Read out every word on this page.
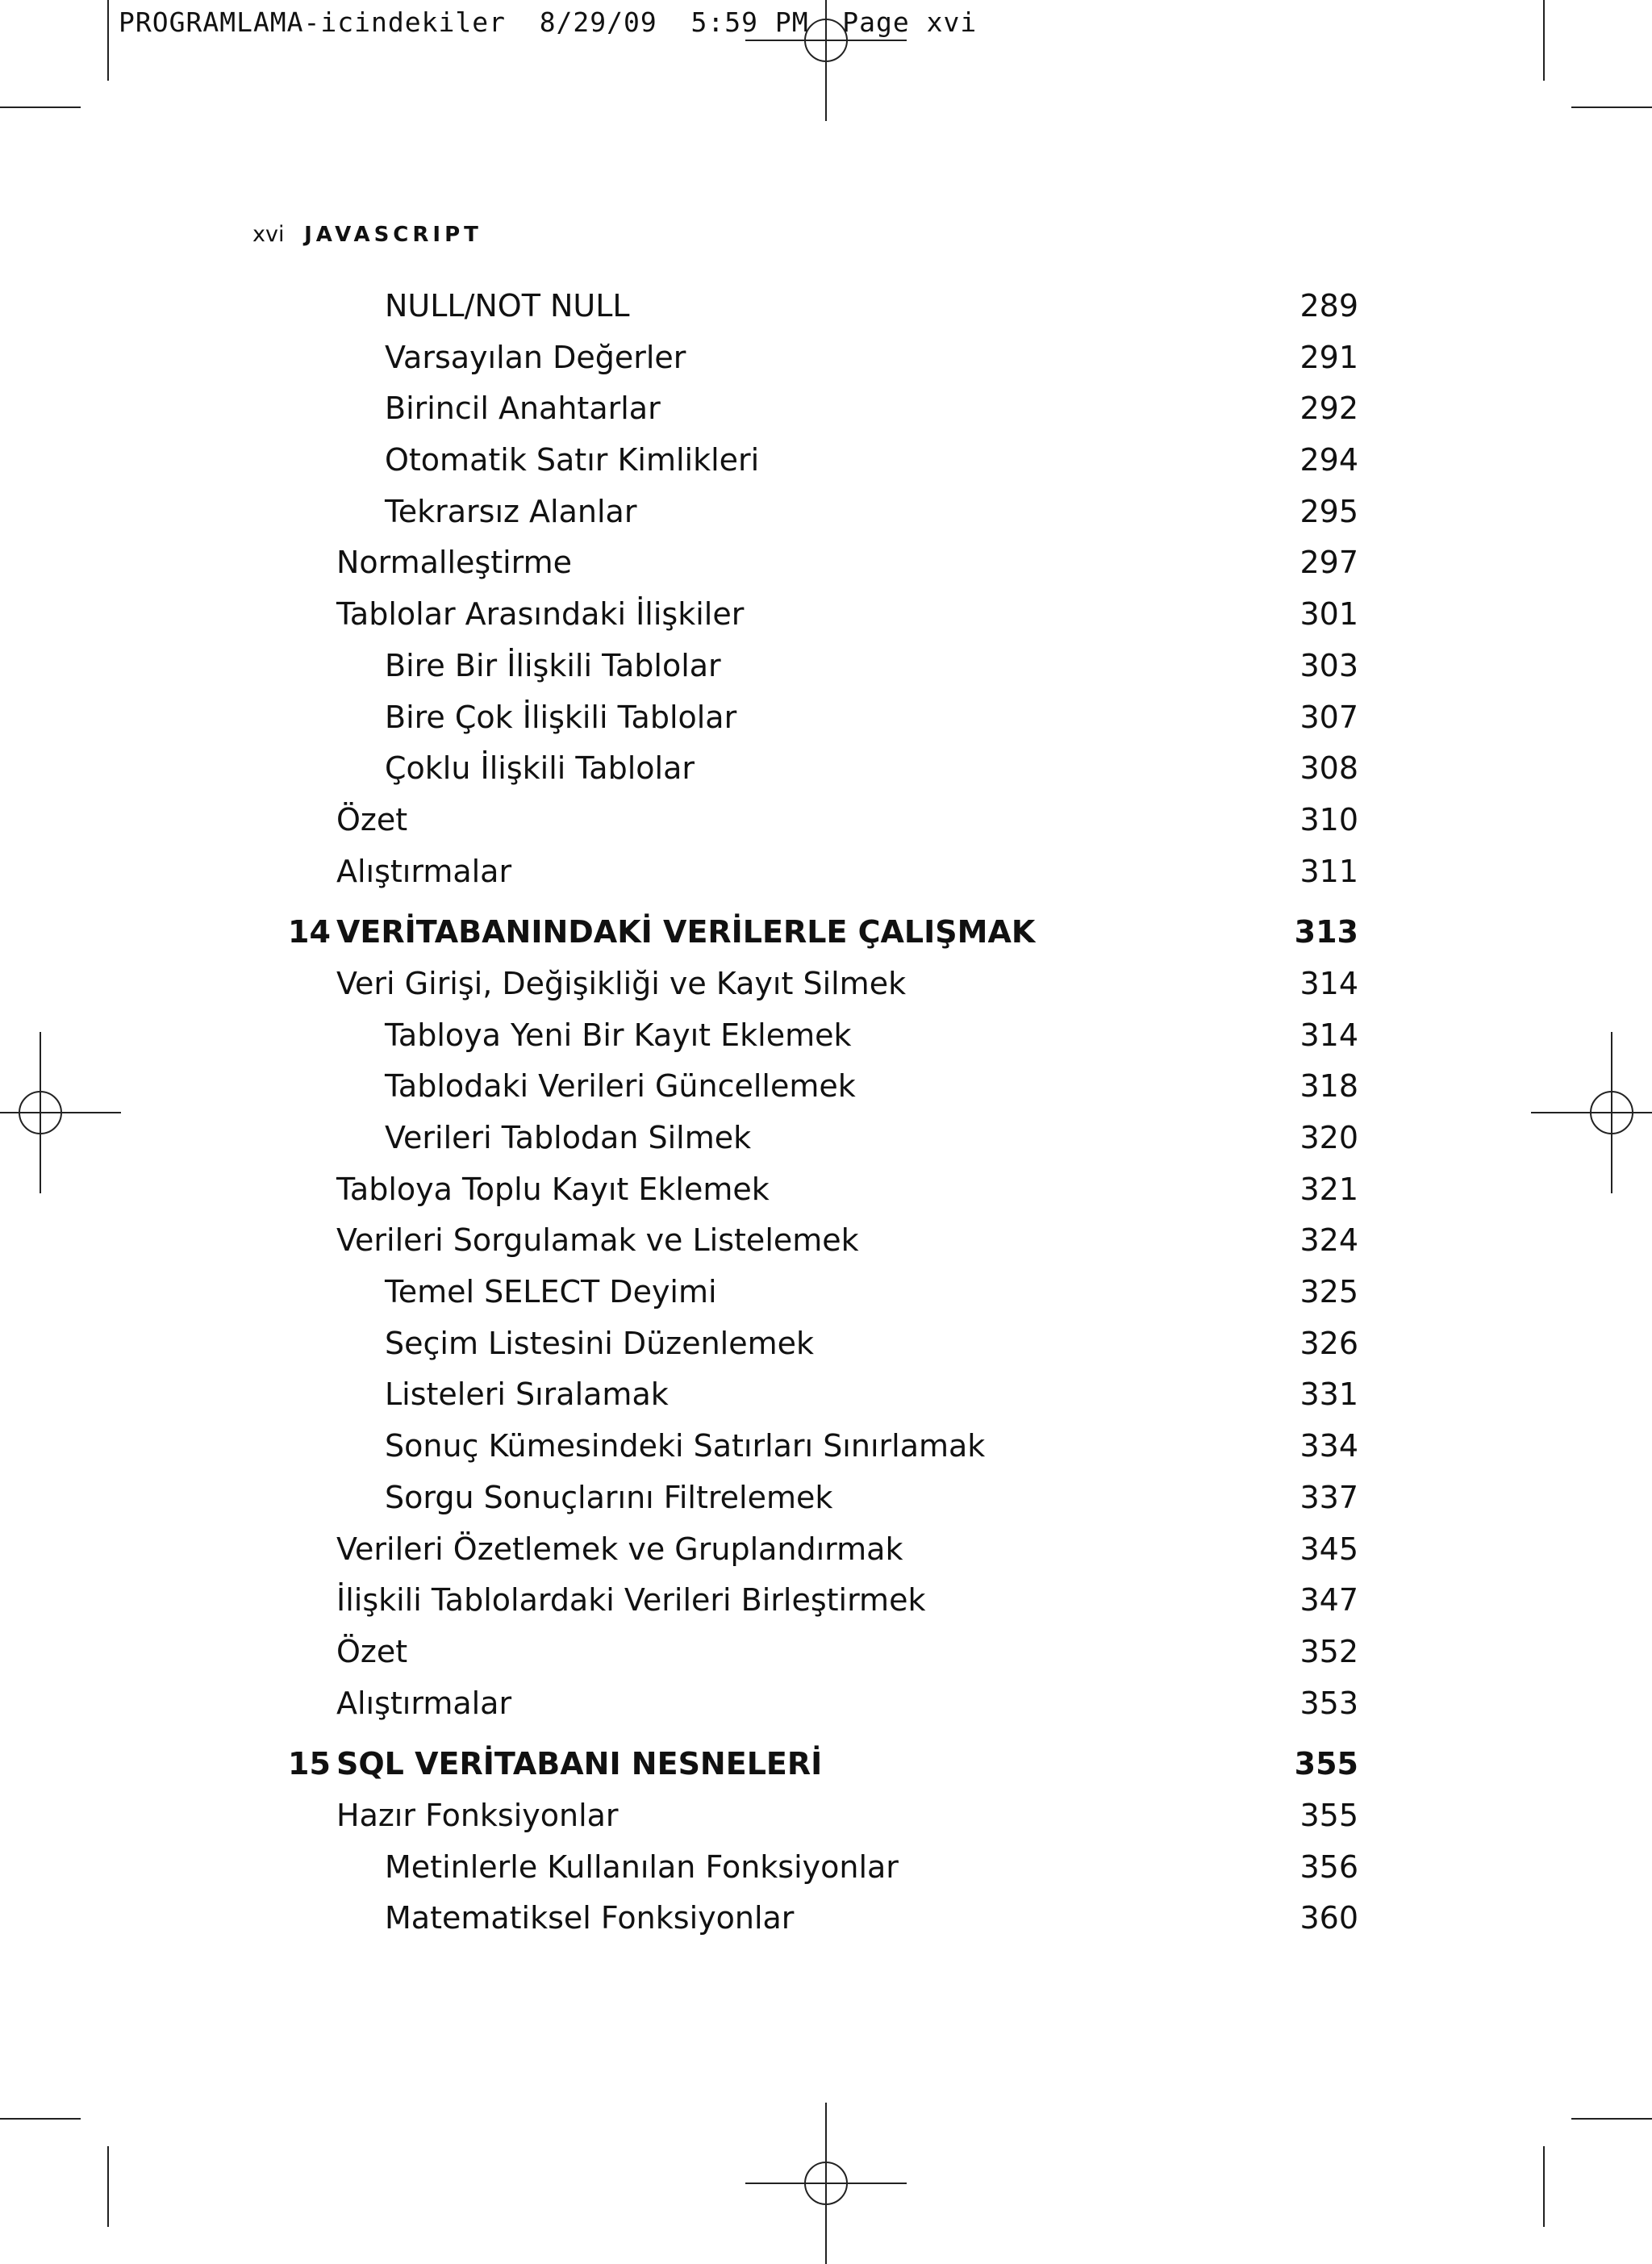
PROGRAMLAMA-icindekiler  8/29/09  5:59 PM  Page xvi
xvi JAVASCRIPT
NULL/NOT NULL	289
Varsayılan Değerler	291
Birincil Anahtarlar	292
Otomatik Satır Kimlikleri	294
Tekrarsız Alanlar	295
Normalleştirme	297
Tablolar Arasındaki İlişkiler	301
Bire Bir İlişkili Tablolar	303
Bire Çok İlişkili Tablolar	307
Çoklu İlişkili Tablolar	308
Özet	310
Alıştırmalar	311
14 VERİTABANINDAKİ VERİLERLE ÇALIŞMAK	313
Veri Girişi, Değişikliği ve Kayıt Silmek	314
Tabloya Yeni Bir Kayıt Eklemek	314
Tablodaki Verileri Güncellemek	318
Verileri Tablodan Silmek	320
Tabloya Toplu Kayıt Eklemek	321
Verileri Sorgulamak ve Listelemek	324
Temel SELECT Deyimi	325
Seçim Listesini Düzenlemek	326
Listeleri Sıralamak	331
Sonuç Kümesindeki Satırları Sınırlamak	334
Sorgu Sonuçlarını Filtrelemek	337
Verileri Özetlemek ve Gruplandırmak	345
İlişkili Tablolardaki Verileri Birleştirmek	347
Özet	352
Alıştırmalar	353
15 SQL VERİTABANI NESNELERİ	355
Hazır Fonksiyonlar	355
Metinlerle Kullanılan Fonksiyonlar	356
Matematiksel Fonksiyonlar	360
